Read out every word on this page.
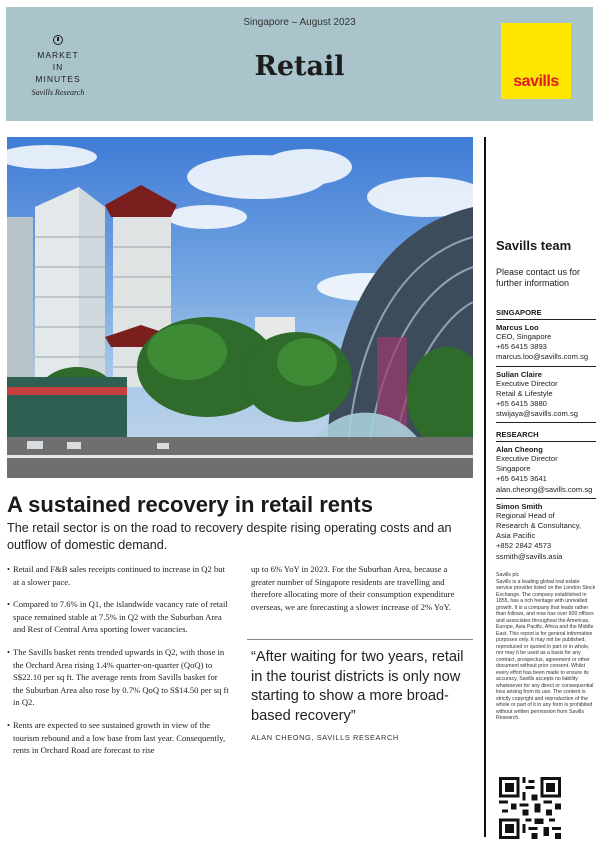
Singapore – August 2023
MARKET
IN
MINUTES
Savills Research
Retail	savills
A sustained recovery in retail rents

The retail sector is on the road to recovery despite rising operating costs and an outflow of domestic demand.

• Retail and F&B sales receipts continued to increase in Q2 but at a slower pace.
• Compared to 7.6% in Q1, the islandwide vacancy rate of retail space remained stable at 7.5% in Q2 with the Suburban Area and Rest of Central Area sporting lower vacancies.
• The Savills basket rents trended upwards in Q2, with those in the Orchard Area rising 1.4% quarter-on-quarter (QoQ) to S$22.10 per sq ft. The average rents from Savills basket for the Suburban Area also rose by 0.7% QoQ to S$14.50 per sq ft in Q2.
• Rents are expected to see sustained growth in view of the tourism rebound and a low base from last year. Consequently, rents in Orchard Road are forecast to rise

up to 6% YoY in 2023. For the Suburban Area, because a greater number of Singapore residents are travelling and therefore allocating more of their consumption expenditure overseas, we are forecasting a slower increase of 2% YoY.

“After waiting for two years, retail in the tourist districts is only now starting to show a more broad-based recovery”

ALAN CHEONG, SAVILLS RESEARCH
Savills team
Please contact us for further information
SINGAPORE
Marcus Loo
CEO, Singapore
+65 6415 3893
marcus.loo@savills.com.sg
Sulian Claire
Executive Director
Retail & Lifestyle
+65 6415 3880
stwijaya@savills.com.sg
RESEARCH
Alan Cheong
Executive Director
Singapore
+65 6415 3641
alan.cheong@savills.com.sg
Simon Smith
Regional Head of
Research & Consultancy,
Asia Pacific
+852 2842 4573
ssmith@savills.asia
Savills plc
Savills is a leading global real estate service provider listed on the London Stock Exchange. The company established in 1855, has a rich heritage with unrivalled growth. It is a company that leads rather than follows, and now has over 600 offices and associates throughout the Americas, Europe, Asia Pacific, Africa and the Middle East. This report is for general informative purposes only. It may not be published, reproduced or quoted in part or in whole, nor may it be used as a basis for any contract, prospectus, agreement or other document without prior consent. Whilst every effort has been made to ensure its accuracy, Savills accepts no liability whatsoever for any direct or consequential loss arising from its use. The content is strictly copyright and reproduction of the whole or part of it in any form is prohibited without written permission from Savills Research.
